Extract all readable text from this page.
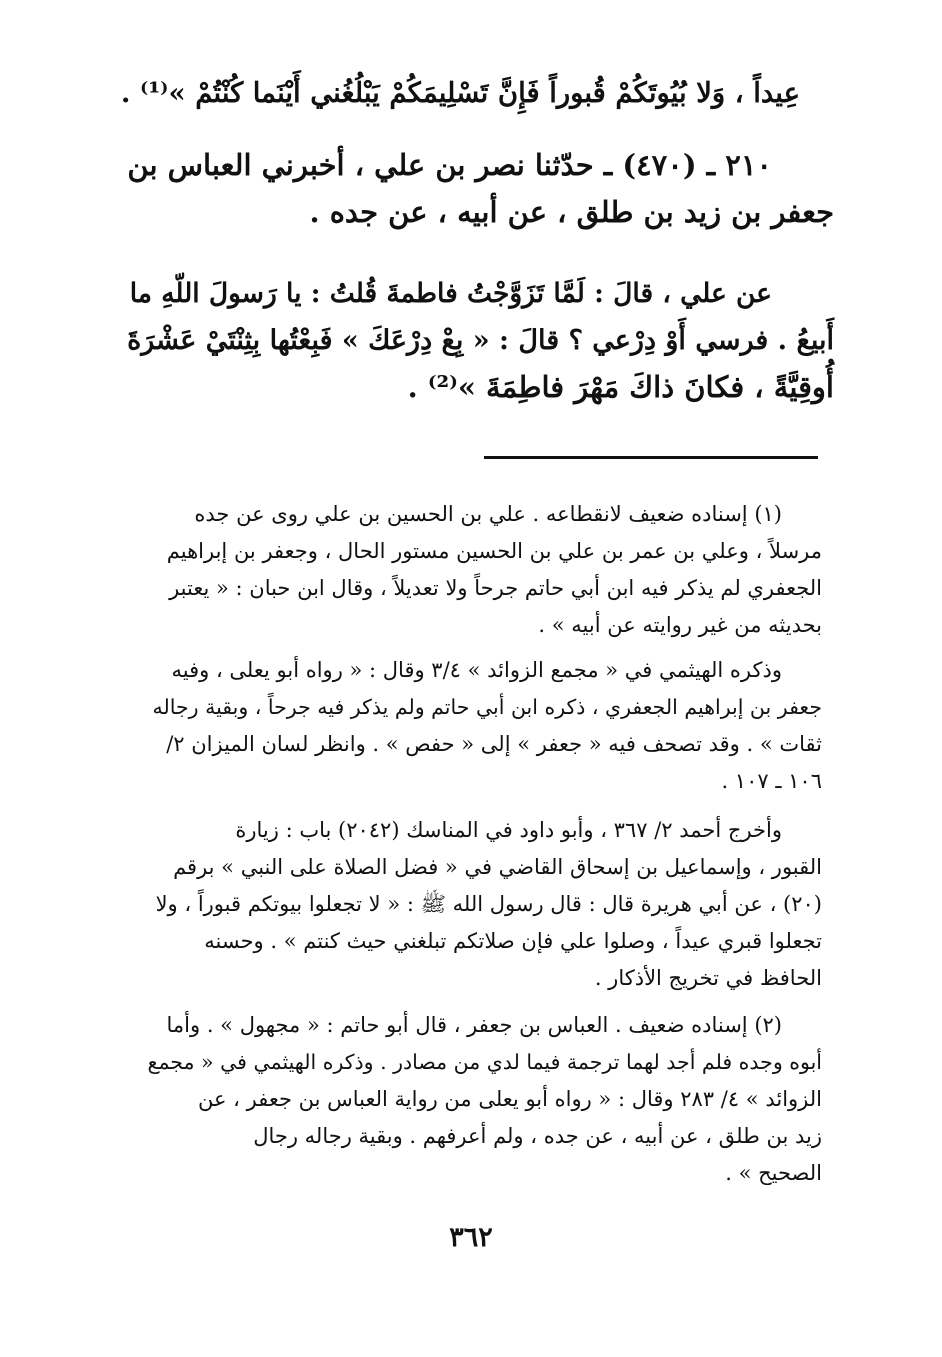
عِيداً ، وَلا بُيُوتَكُمْ قُبوراً فَإِنَّ تَسْلِيمَكُمْ يَبْلُغُني أَيْنَما كُنْتُمْ »⁽¹⁾ .

٢١٠ ـ (٤٧٠) ـ حدّثنا نصر بن علي ، أخبرني العباس بن
جعفر بن زيد بن طلق ، عن أبيه ، عن جده .

عن علي ، قالَ : لَمَّا تَزَوَّجْتُ فاطمةَ قُلتُ : يا رَسولَ اللّهِ ما
أَبيعُ . فرسي أَوْ دِرْعي ؟ قالَ : « بِعْ دِرْعَكَ » فَبِعْتُها بِثِنْتَيْ عَشْرَةَ
أُوقِيَّةً ، فكانَ ذاكَ مَهْرَ فاطِمَةَ »⁽²⁾ .

(١) إسناده ضعيف لانقطاعه . علي بن الحسين بن علي روى عن جده
مرسلاً ، وعلي بن عمر بن علي بن الحسين مستور الحال ، وجعفر بن إبراهيم
الجعفري لم يذكر فيه ابن أبي حاتم جرحاً ولا تعديلاً ، وقال ابن حبان : « يعتبر
بحديثه من غير روايته عن أبيه » .

وذكره الهيثمي في « مجمع الزوائد » ٣/٤ وقال : « رواه أبو يعلى ، وفيه
جعفر بن إبراهيم الجعفري ، ذكره ابن أبي حاتم ولم يذكر فيه جرحاً ، وبقية رجاله
ثقات » . وقد تصحف فيه « جعفر » إلى « حفص » . وانظر لسان الميزان ٢/
١٠٦ ـ ١٠٧ .

وأخرج أحمد ٢/ ٣٦٧ ، وأبو داود في المناسك (٢٠٤٢) باب : زيارة
القبور ، وإسماعيل بن إسحاق القاضي في « فضل الصلاة على النبي » برقم
(٢٠) ، عن أبي هريرة قال : قال رسول الله ﷺ : « لا تجعلوا بيوتكم قبوراً ، ولا
تجعلوا قبري عيداً ، وصلوا علي فإن صلاتكم تبلغني حيث كنتم » . وحسنه
الحافظ في تخريج الأذكار .

(٢) إسناده ضعيف . العباس بن جعفر ، قال أبو حاتم : « مجهول » . وأما
أبوه وجده فلم أجد لهما ترجمة فيما لدي من مصادر . وذكره الهيثمي في « مجمع
الزوائد » ٤/ ٢٨٣ وقال : « رواه أبو يعلى من رواية العباس بن جعفر ، عن
زيد بن طلق ، عن أبيه ، عن جده ، ولم أعرفهم . وبقية رجاله رجال
الصحيح » .

٣٦٢
